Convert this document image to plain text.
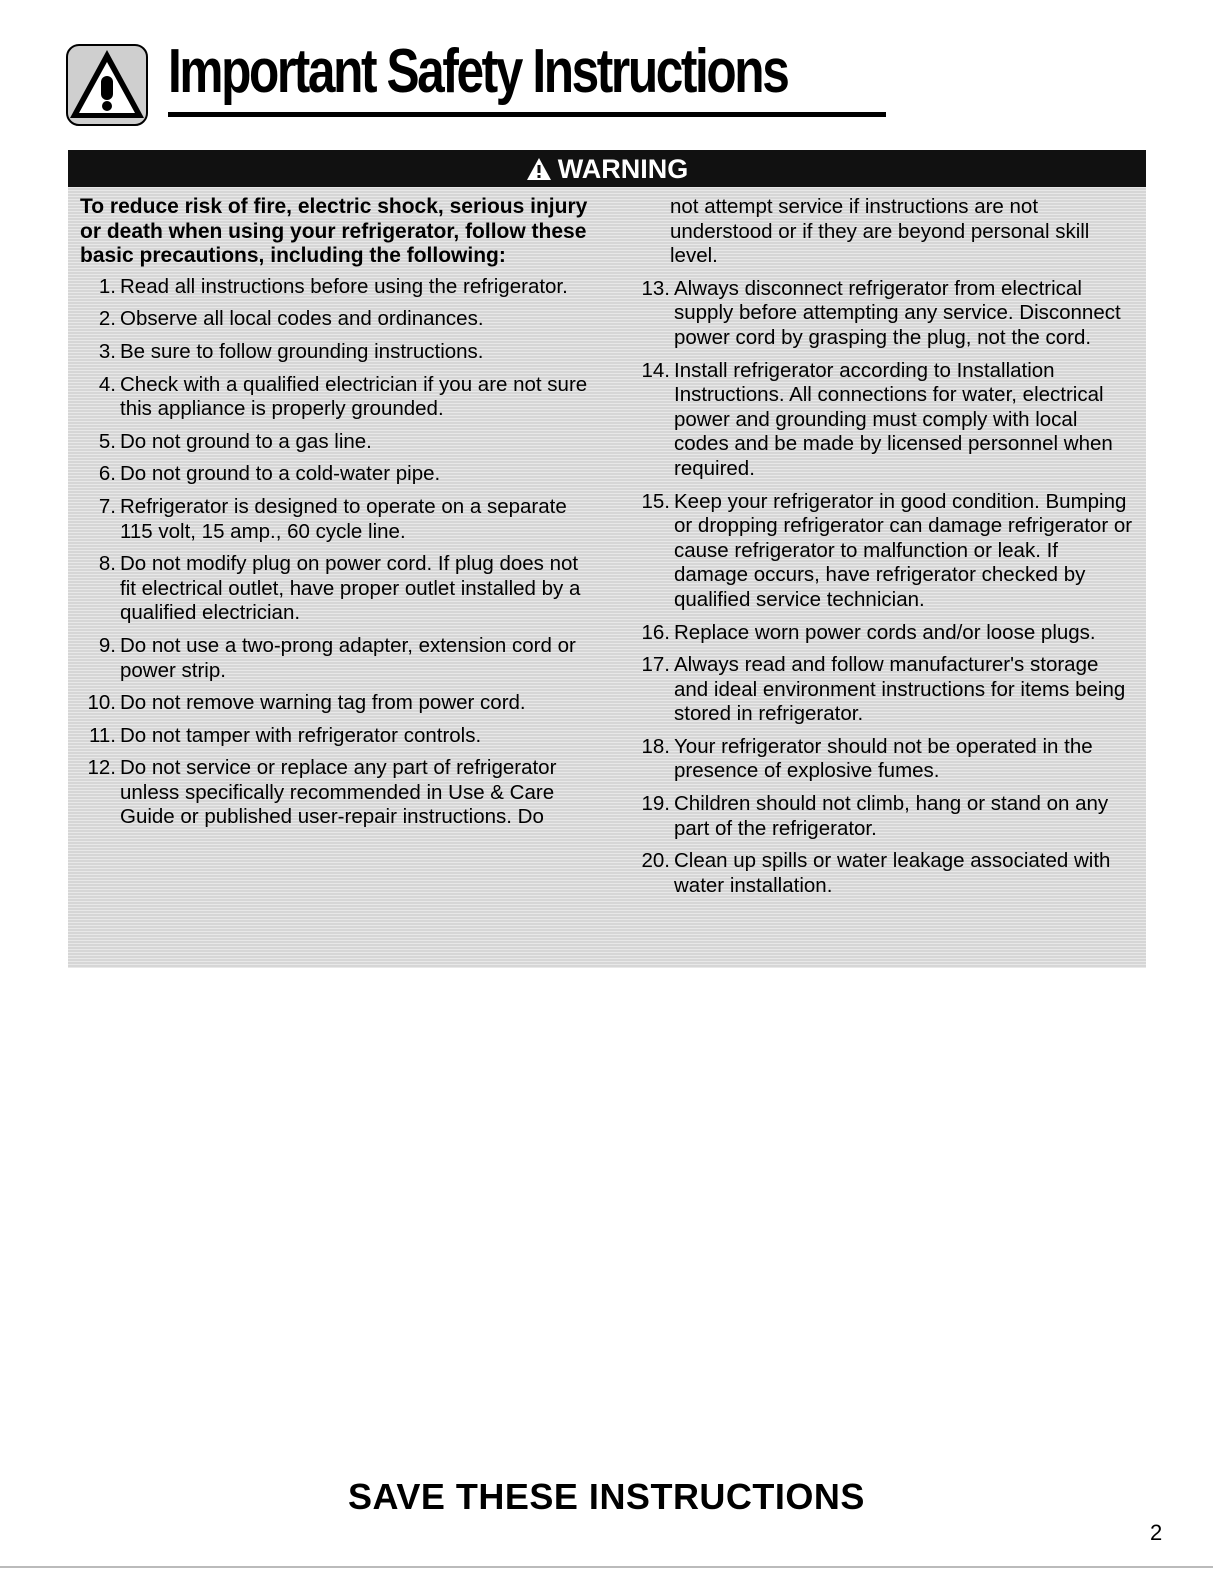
Important Safety Instructions
WARNING

To reduce risk of fire, electric shock, serious injury or death when using your refrigerator, follow these basic precautions, including the following:

1. Read all instructions before using the refrigerator.
2. Observe all local codes and ordinances.
3. Be sure to follow grounding instructions.
4. Check with a qualified electrician if you are not sure this appliance is properly grounded.
5. Do not ground to a gas line.
6. Do not ground to a cold-water pipe.
7. Refrigerator is designed to operate on a separate 115 volt, 15 amp., 60 cycle line.
8. Do not modify plug on power cord. If plug does not fit electrical outlet, have proper outlet installed by a qualified electrician.
9. Do not use a two-prong adapter, extension cord or power strip.
10. Do not remove warning tag from power cord.
11. Do not tamper with refrigerator controls.
12. Do not service or replace any part of refrigerator unless specifically recommended in Use & Care Guide or published user-repair instructions. Do
not attempt service if instructions are not understood or if they are beyond personal skill level.
13. Always disconnect refrigerator from electrical supply before attempting any service. Disconnect power cord by grasping the plug, not the cord.
14. Install refrigerator according to Installation Instructions. All connections for water, electrical power and grounding must comply with local codes and be made by licensed personnel when required.
15. Keep your refrigerator in good condition. Bumping or dropping refrigerator can damage refrigerator or cause refrigerator to malfunction or leak. If damage occurs, have refrigerator checked by qualified service technician.
16. Replace worn power cords and/or loose plugs.
17. Always read and follow manufacturer's storage and ideal environment instructions for items being stored in refrigerator.
18. Your refrigerator should not be operated in the presence of explosive fumes.
19. Children should not climb, hang or stand on any part of the refrigerator.
20. Clean up spills or water leakage associated with water installation.
SAVE THESE INSTRUCTIONS
2
